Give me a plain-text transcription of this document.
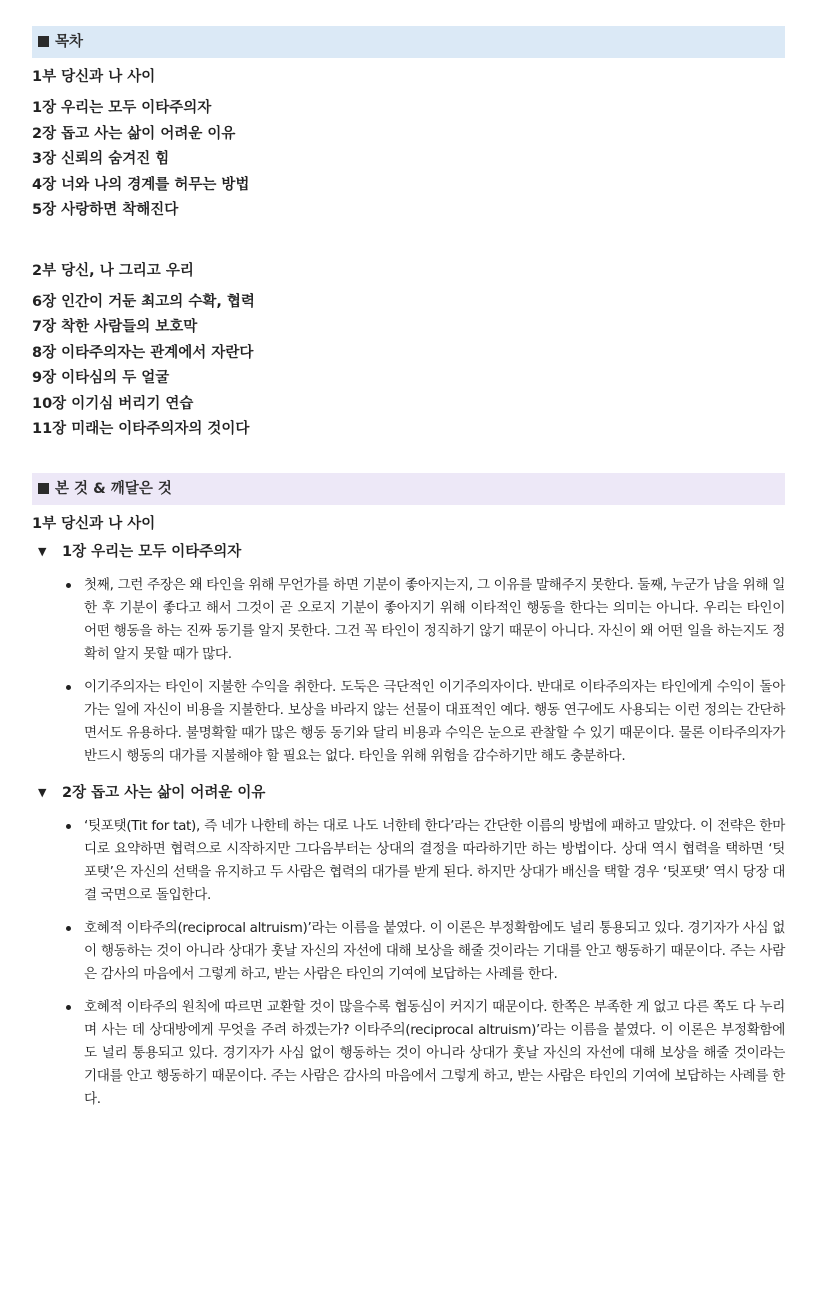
목차
1부 당신과 나 사이
1장 우리는 모두 이타주의자
2장 돕고 사는 삶이 어려운 이유
3장 신뢰의 숨겨진 힘
4장 너와 나의 경계를 허무는 방법
5장 사랑하면 착해진다
2부 당신, 나 그리고 우리
6장 인간이 거둔 최고의 수확, 협력
7장 착한 사람들의 보호막
8장 이타주의자는 관계에서 자란다
9장 이타심의 두 얼굴
10장 이기심 버리기 연습
11장 미래는 이타주의자의 것이다
본 것 & 깨달은 것
1부 당신과 나 사이
▼ 1장 우리는 모두 이타주의자
첫째, 그런 주장은 왜 타인을 위해 무언가를 하면 기분이 좋아지는지, 그 이유를 말해주지 못한다. 둘째, 누군가 남을 위해 일한 후 기분이 좋다고 해서 그것이 곧 오로지 기분이 좋아지기 위해 이타적인 행동을 한다는 의미는 아니다. 우리는 타인이 어떤 행동을 하는 진짜 동기를 알지 못한다. 그건 꼭 타인이 정직하기 않기 때문이 아니다. 자신이 왜 어떤 일을 하는지도 정확히 알지 못할 때가 많다.
이기주의자는 타인이 지불한 수익을 취한다. 도둑은 극단적인 이기주의자이다. 반대로 이타주의자는 타인에게 수익이 돌아가는 일에 자신이 비용을 지불한다. 보상을 바라지 않는 선물이 대표적인 예다. 행동 연구에도 사용되는 이런 정의는 간단하면서도 유용하다. 불명확할 때가 많은 행동 동기와 달리 비용과 수익은 눈으로 관찰할 수 있기 때문이다. 물론 이타주의자가 반드시 행동의 대가를 지불해야 할 필요는 없다. 타인을 위해 위험을 감수하기만 해도 충분하다.
▼ 2장 돕고 사는 삶이 어려운 이유
‘팃포탯(Tit for tat), 즉 네가 나한테 하는 대로 나도 너한테 한다’라는 간단한 이름의 방법에 패하고 말았다. 이 전략은 한마디로 요약하면 협력으로 시작하지만 그다음부터는 상대의 결정을 따라하기만 하는 방법이다. 상대 역시 협력을 택하면 ‘팃포탯’은 자신의 선택을 유지하고 두 사람은 협력의 대가를 받게 된다. 하지만 상대가 배신을 택할 경우 ‘팃포탯’ 역시 당장 대결 국면으로 돌입한다.
호혜적 이타주의(reciprocal altruism)’라는 이름을 붙였다. 이 이론은 부정확함에도 널리 통용되고 있다. 경기자가 사심 없이 행동하는 것이 아니라 상대가 훗날 자신의 자선에 대해 보상을 해줄 것이라는 기대를 안고 행동하기 때문이다. 주는 사람은 감사의 마음에서 그렇게 하고, 받는 사람은 타인의 기여에 보답하는 사례를 한다.
호혜적 이타주의 원칙에 따르면 교환할 것이 많을수록 협동심이 커지기 때문이다. 한쪽은 부족한 게 없고 다른 쪽도 다 누리며 사는 데 상대방에게 무엇을 주려 하겠는가? 이타주의(reciprocal altruism)’라는 이름을 붙였다. 이 이론은 부정확함에도 널리 통용되고 있다. 경기자가 사심 없이 행동하는 것이 아니라 상대가 훗날 자신의 자선에 대해 보상을 해줄 것이라는 기대를 안고 행동하기 때문이다. 주는 사람은 감사의 마음에서 그렇게 하고, 받는 사람은 타인의 기여에 보답하는 사례를 한다.
